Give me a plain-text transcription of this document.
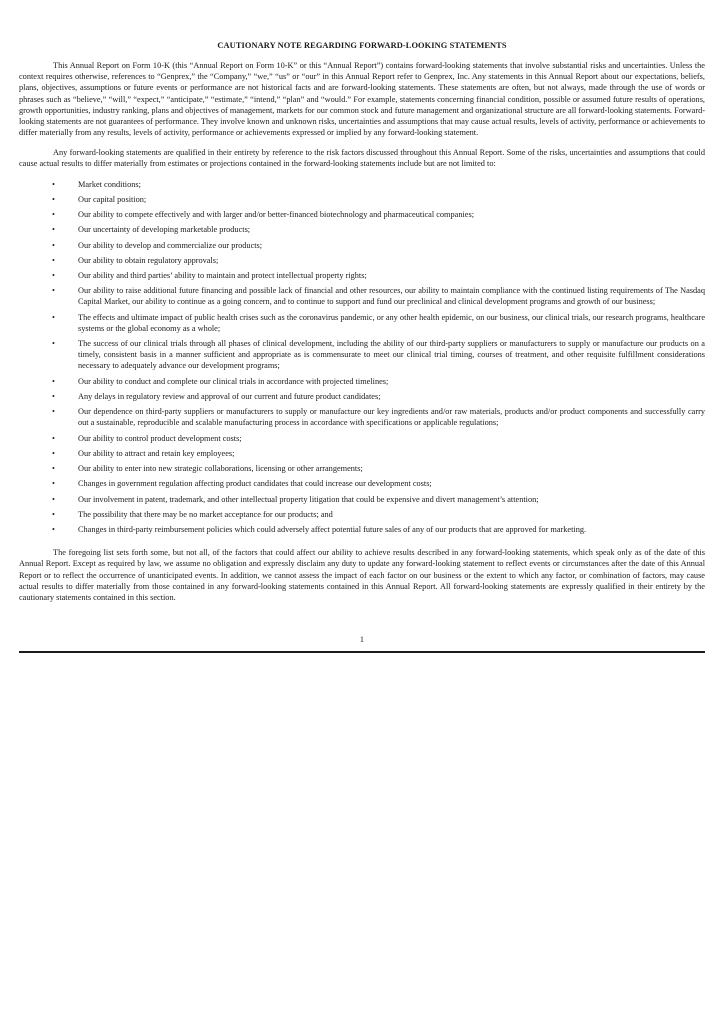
CAUTIONARY NOTE REGARDING FORWARD-LOOKING STATEMENTS

This Annual Report on Form 10-K (this “Annual Report on Form 10-K” or this “Annual Report”) contains forward-looking statements that involve substantial risks and uncertainties. Unless the context requires otherwise, references to “Genprex,” the “Company,” “we,” “us” or “our” in this Annual Report refer to Genprex, Inc. Any statements in this Annual Report about our expectations, beliefs, plans, objectives, assumptions or future events or performance are not historical facts and are forward-looking statements. These statements are often, but not always, made through the use of words or phrases such as “believe,” “will,” “expect,” “anticipate,” “estimate,” “intend,” “plan” and “would.” For example, statements concerning financial condition, possible or assumed future results of operations, growth opportunities, industry ranking, plans and objectives of management, markets for our common stock and future management and organizational structure are all forward-looking statements. Forward-looking statements are not guarantees of performance. They involve known and unknown risks, uncertainties and assumptions that may cause actual results, levels of activity, performance or achievements to differ materially from any results, levels of activity, performance or achievements expressed or implied by any forward-looking statement.

Any forward-looking statements are qualified in their entirety by reference to the risk factors discussed throughout this Annual Report. Some of the risks, uncertainties and assumptions that could cause actual results to differ materially from estimates or projections contained in the forward-looking statements include but are not limited to:

•	Market conditions;
•	Our capital position;
•	Our ability to compete effectively and with larger and/or better-financed biotechnology and pharmaceutical companies;
•	Our uncertainty of developing marketable products;
•	Our ability to develop and commercialize our products;
•	Our ability to obtain regulatory approvals;
•	Our ability and third parties’ ability to maintain and protect intellectual property rights;
•	Our ability to raise additional future financing and possible lack of financial and other resources, our ability to maintain compliance with the continued listing requirements of The Nasdaq Capital Market, our ability to continue as a going concern, and to continue to support and fund our preclinical and clinical development programs and growth of our business;
•	The effects and ultimate impact of public health crises such as the coronavirus pandemic, or any other health epidemic, on our business, our clinical trials, our research programs, healthcare systems or the global economy as a whole;
•	The success of our clinical trials through all phases of clinical development, including the ability of our third-party suppliers or manufacturers to supply or manufacture our products on a timely, consistent basis in a manner sufficient and appropriate as is commensurate to meet our clinical trial timing, courses of treatment, and other requisite fulfillment considerations necessary to adequately advance our development programs;
•	Our ability to conduct and complete our clinical trials in accordance with projected timelines;
•	Any delays in regulatory review and approval of our current and future product candidates;
•	Our dependence on third-party suppliers or manufacturers to supply or manufacture our key ingredients and/or raw materials, products and/or product components and successfully carry out a sustainable, reproducible and scalable manufacturing process in accordance with specifications or applicable regulations;
•	Our ability to control product development costs;
•	Our ability to attract and retain key employees;
•	Our ability to enter into new strategic collaborations, licensing or other arrangements;
•	Changes in government regulation affecting product candidates that could increase our development costs;
•	Our involvement in patent, trademark, and other intellectual property litigation that could be expensive and divert management’s attention;
•	The possibility that there may be no market acceptance for our products; and
•	Changes in third-party reimbursement policies which could adversely affect potential future sales of any of our products that are approved for marketing.

The foregoing list sets forth some, but not all, of the factors that could affect our ability to achieve results described in any forward-looking statements, which speak only as of the date of this Annual Report. Except as required by law, we assume no obligation and expressly disclaim any duty to update any forward-looking statement to reflect events or circumstances after the date of this Annual Report or to reflect the occurrence of unanticipated events. In addition, we cannot assess the impact of each factor on our business or the extent to which any factor, or combination of factors, may cause actual results to differ materially from those contained in any forward-looking statements contained in this Annual Report. All forward-looking statements are expressly qualified in their entirety by the cautionary statements contained in this section.

1
